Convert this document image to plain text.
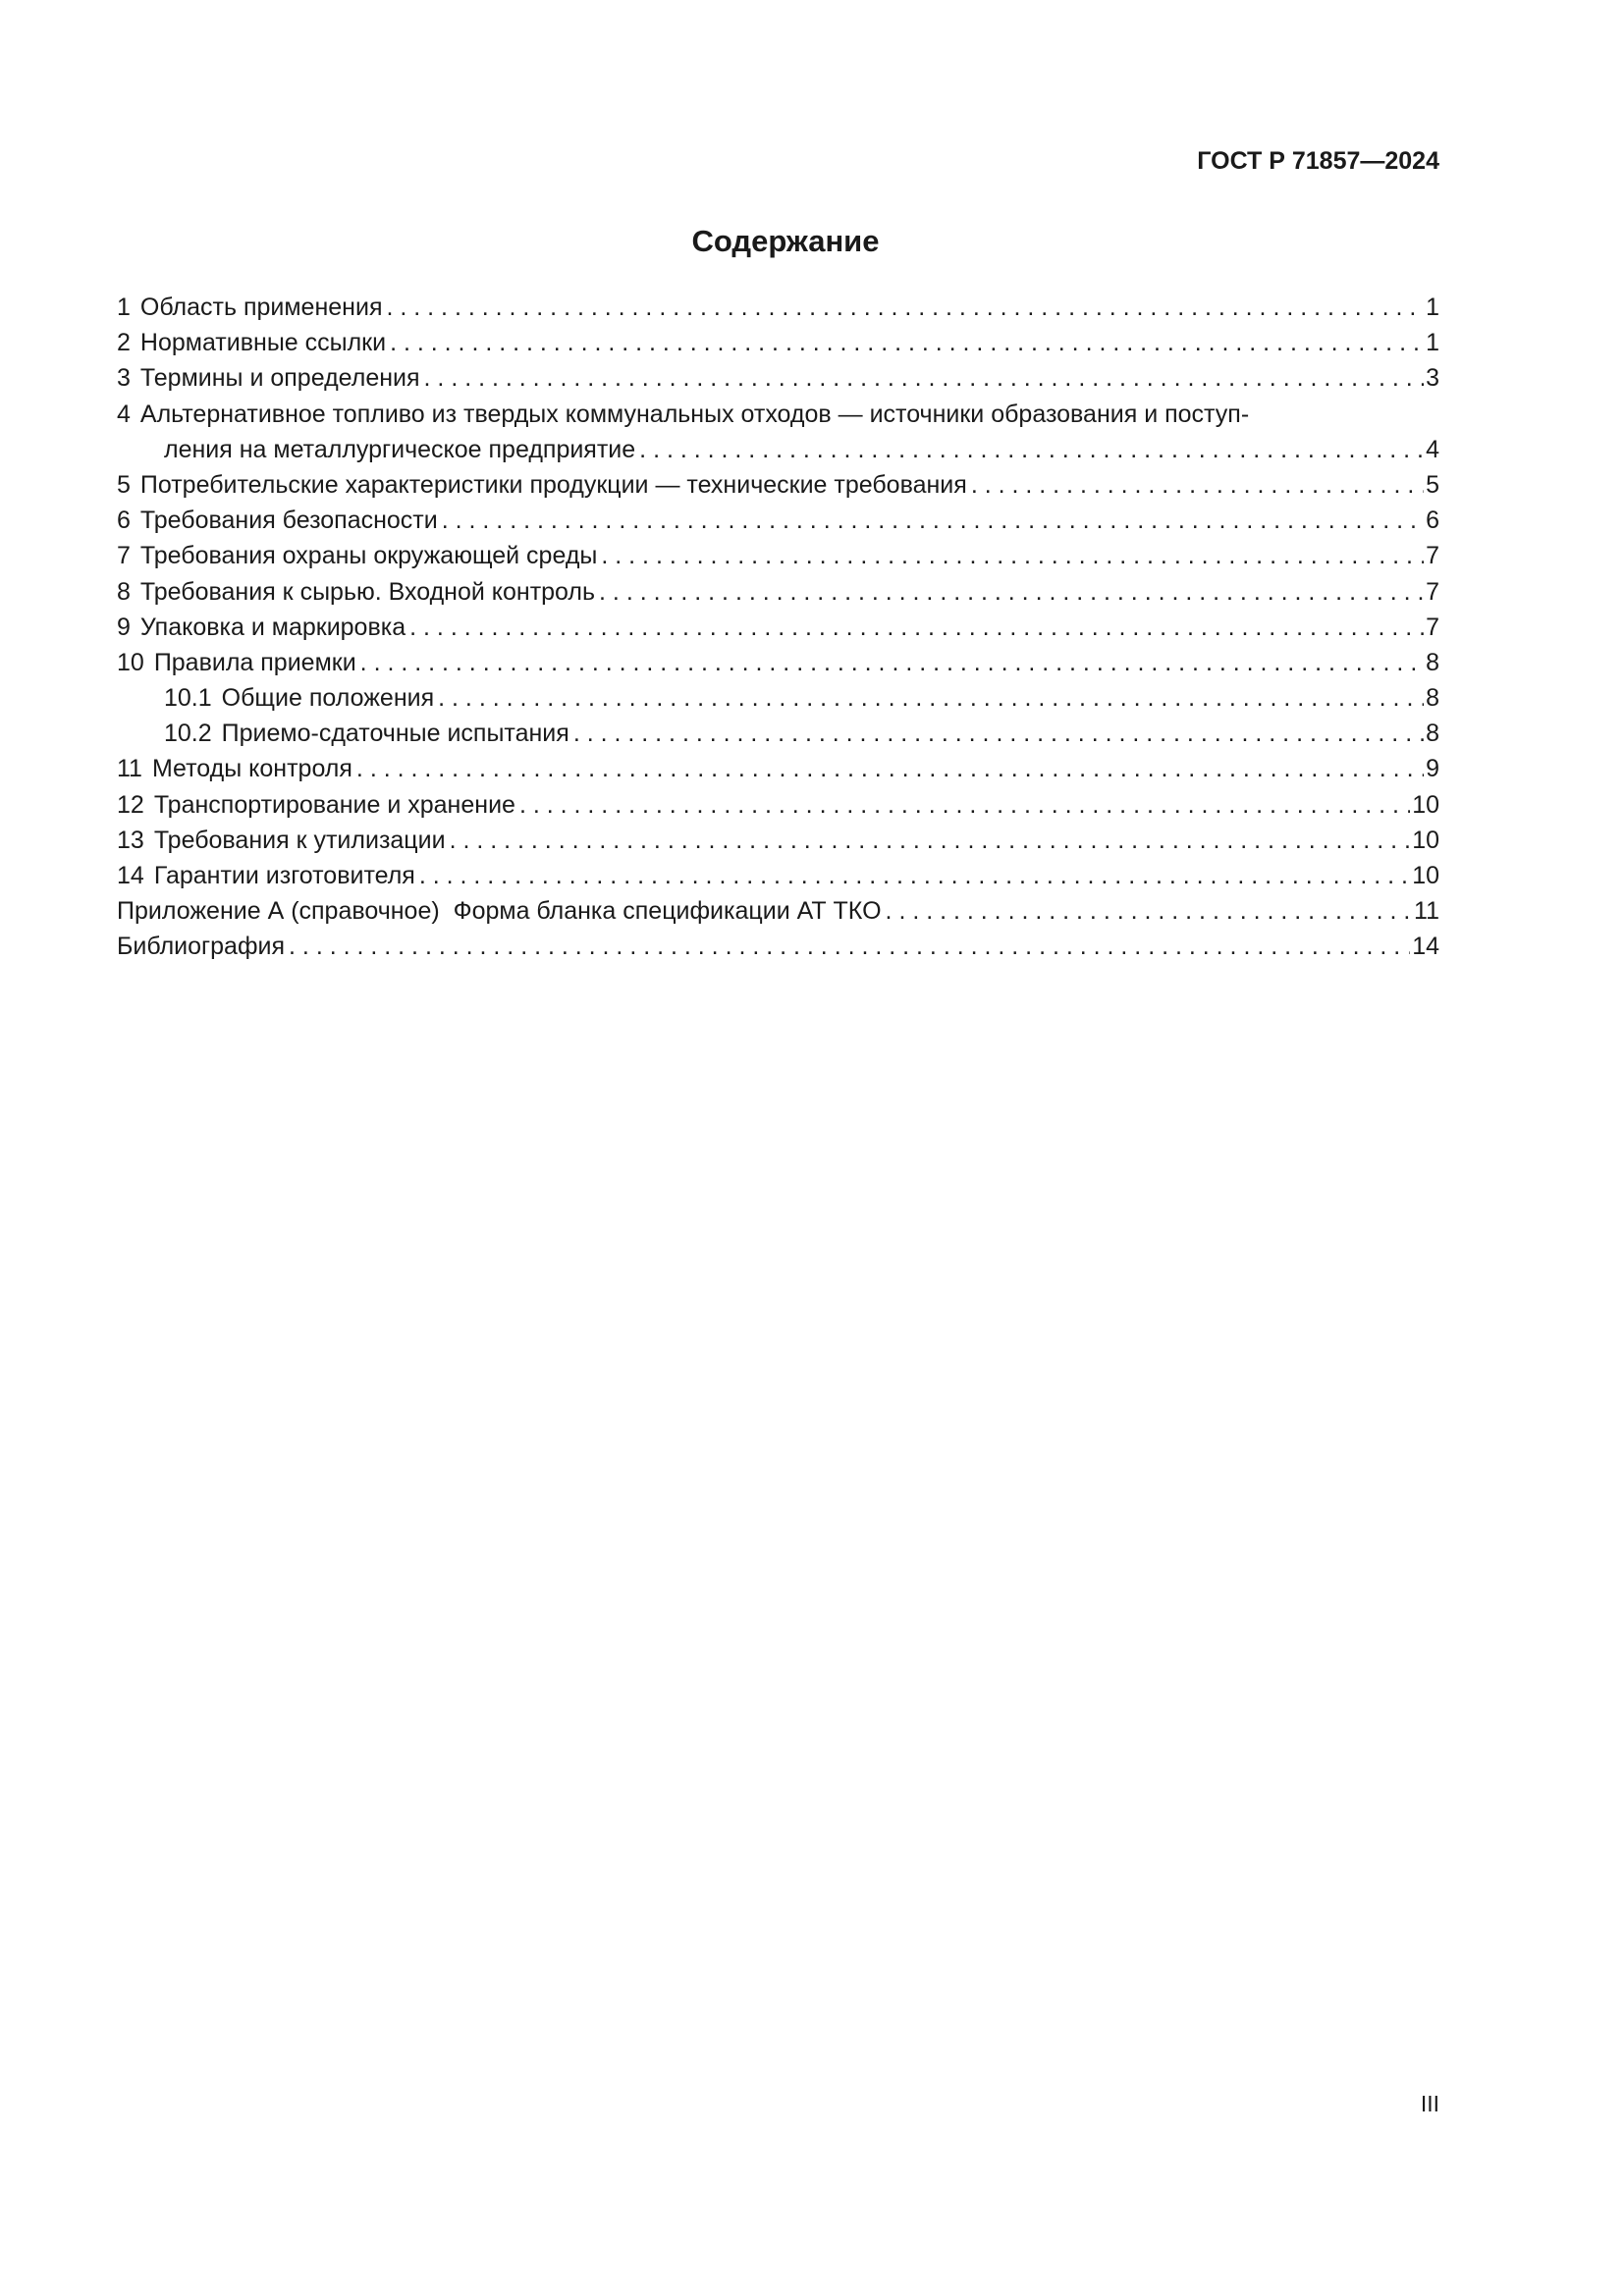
ГОСТ Р 71857—2024
Содержание
1 Область применения . . .	1
2 Нормативные ссылки . . .	1
3 Термины и определения . . .	3
4 Альтернативное топливо из твердых коммунальных отходов — источники образования и поступ-
ления на металлургическое предприятие . . .	4
5 Потребительские характеристики продукции — технические требования . . .	5
6 Требования безопасности . . .	6
7 Требования охраны окружающей среды . . .	7
8 Требования к сырью. Входной контроль . . .	7
9 Упаковка и маркировка . . .	7
10 Правила приемки . . .	8
10.1 Общие положения . . .	8
10.2 Приемо-сдаточные испытания . . .	8
11 Методы контроля . . .	9
12 Транспортирование и хранение . . .	10
13 Требования к утилизации . . .	10
14 Гарантии изготовителя . . .	10
Приложение А (справочное)  Форма бланка спецификации АТ ТКО . . .	11
Библиография . . .	14
III
